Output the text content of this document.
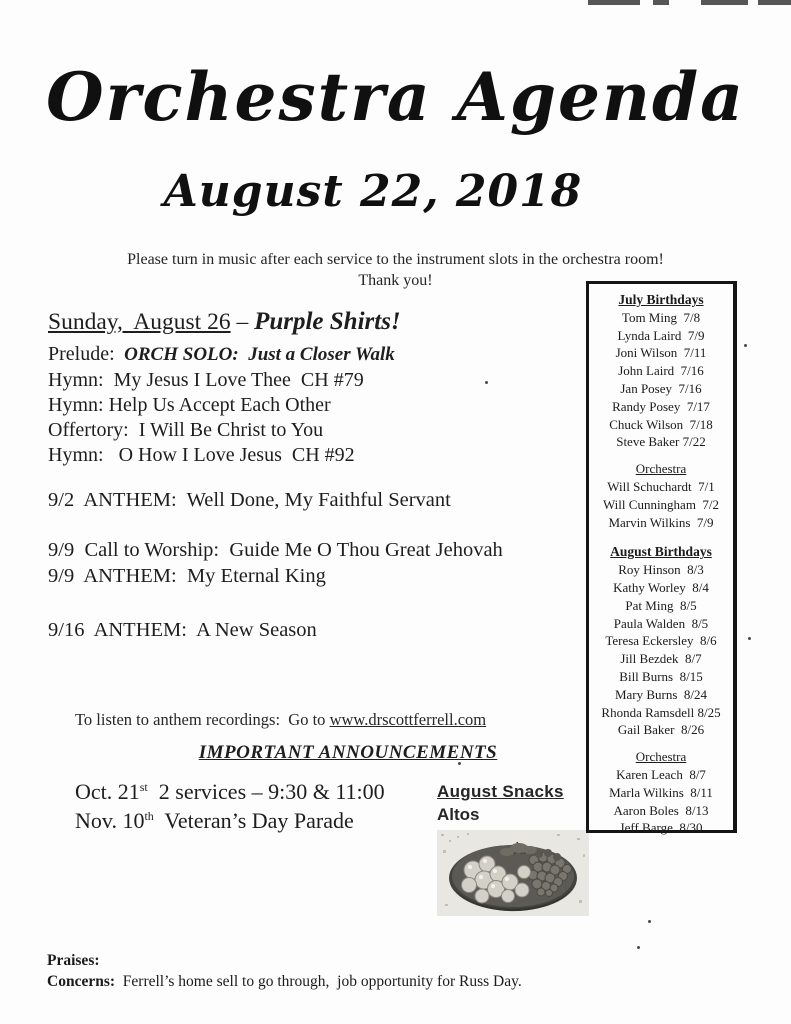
Orchestra Agenda
August 22, 2018
Please turn in music after each service to the instrument slots in the orchestra room!
Thank you!
Sunday,  August 26 – Purple Shirts!
Prelude:  ORCH SOLO:  Just a Closer Walk
Hymn:  My Jesus I Love Thee  CH #79
Hymn: Help Us Accept Each Other
Offertory:  I Will Be Christ to You
Hymn:   O How I Love Jesus  CH #92
9/2  ANTHEM:  Well Done, My Faithful Servant
9/9  Call to Worship:  Guide Me O Thou Great Jehovah
9/9  ANTHEM:  My Eternal King
9/16  ANTHEM:  A New Season
To listen to anthem recordings:  Go to www.drscottferrell.com
IMPORTANT ANNOUNCEMENTS
Oct. 21st  2 services – 9:30 & 11:00
Nov. 10th  Veteran’s Day Parade
August Snacks
Altos
July Birthdays
Tom Ming  7/8
Lynda Laird  7/9
Joni Wilson  7/11
John Laird  7/16
Jan Posey  7/16
Randy Posey  7/17
Chuck Wilson  7/18
Steve Baker 7/22
Orchestra
Will Schuchardt  7/1
Will Cunningham  7/2
Marvin Wilkins  7/9
August Birthdays
Roy Hinson  8/3
Kathy Worley  8/4
Pat Ming  8/5
Paula Walden  8/5
Teresa Eckersley  8/6
Jill Bezdek  8/7
Bill Burns  8/15
Mary Burns  8/24
Rhonda Ramsdell 8/25
Gail Baker  8/26
Orchestra
Karen Leach  8/7
Marla Wilkins  8/11
Aaron Boles  8/13
Jeff Barge  8/30
Praises:
Concerns:  Ferrell’s home sell to go through,  job opportunity for Russ Day.
